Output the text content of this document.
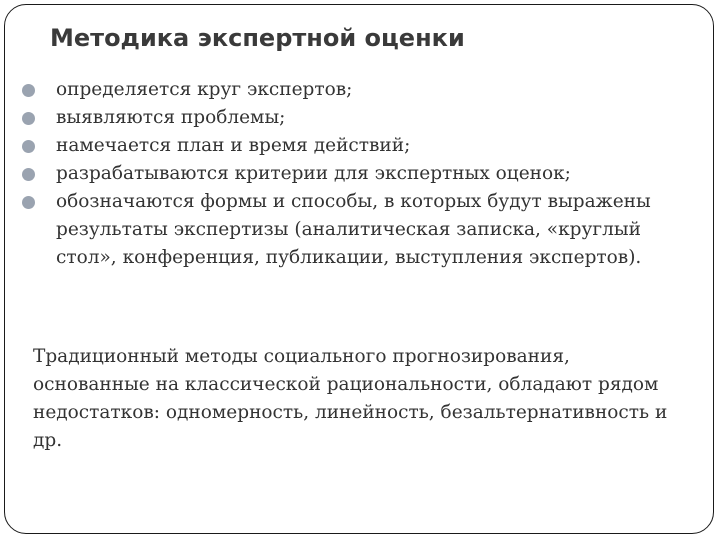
Методика экспертной оценки
определяется круг экспертов;
выявляются проблемы;
намечается план и время действий;
разрабатываются критерии для экспертных оценок;
обозначаются формы и способы, в которых будут выражены результаты экспертизы (аналитическая записка, «круглый стол», конференция, публикации, выступления экспертов).

Традиционный методы социального прогнозирования, основанные на классической рациональности, обладают рядом недостатков: одномерность, линейность, безальтернативность и др.
